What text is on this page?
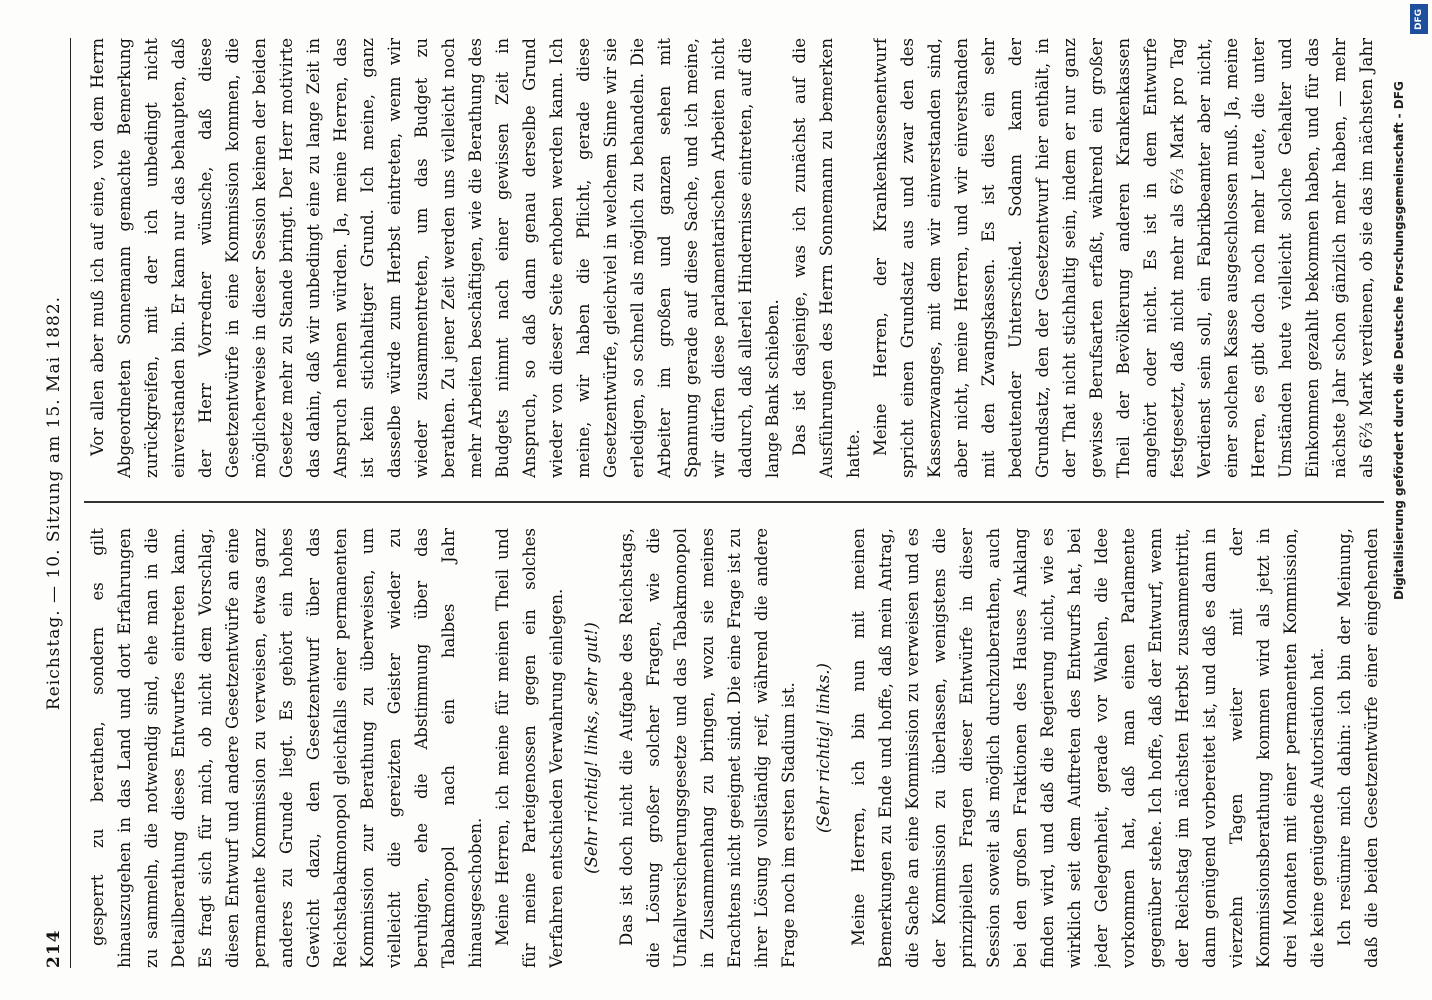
214
Reichstag. — 10. Sitzung am 15. Mai 1882.

gesperrt zu berathen, sondern es gilt hinauszugehen in das Land und dort Erfahrungen zu sammeln, die notwendig sind, ehe man in die Detailberathung dieses Entwurfes eintreten kann. Es fragt sich für mich, ob nicht dem Vorschlag, diesen Entwurf und andere Gesetzentwürfe an eine permanente Kommission zu verweisen, etwas ganz anderes zu Grunde liegt. Es gehört ein hohes Gewicht dazu, den Gesetzentwurf über das Reichstabakmonopol gleichfalls einer permanenten Kommission zur Berathung zu überweisen, um vielleicht die gereizten Geister wieder zu beruhigen, ehe die Abstimmung über das Tabakmonopol nach ein halbes Jahr hinausgeschoben. Meine Herren, ich meine für meinen Theil und für meine Parteigenossen gegen ein solches Verfahren entschieden Verwahrung einlegen. (Sehr richtig! links, sehr gut!) Das ist doch nicht die Aufgabe des Reichstags, die Lösung großer solcher Fragen, wie die Unfallversicherungsgesetze und das Tabakmonopol in Zusammenhang zu bringen, wozu sie meines Erachtens nicht geeignet sind. Die eine Frage ist zu ihrer Lösung vollständig reif, während die andere Frage noch im ersten Stadium ist. (Sehr richtig! links.) Meine Herren, ich bin nun mit meinen Bemerkungen zu Ende und hoffe, daß mein Antrag, die Sache an eine Kommission zu verweisen und es der Kommission zu überlassen, wenigstens die prinzipiellen Fragen dieser Entwürfe in dieser Session soweit als möglich durchzuberathen, auch bei den großen Fraktionen des Hauses Anklang finden wird, und daß die Regierung nicht, wie es wirklich seit dem Auftreten des Entwurfs hat, bei jeder Gelegenheit, gerade vor Wahlen, die Idee vorkommen hat, daß man einen Parlamente gegenüber stehe. Ich hoffe, daß der Entwurf, wenn der Reichstag im nächsten Herbst zusammentritt, dann genügend vorbereitet ist, und daß es dann in vierzehn Tagen weiter mit der Kommissionsberathung kommen wird als jetzt in drei Monaten mit einer permanenten Kommission, die keine genügende Autorisation hat. Ich resümire mich dahin: ich bin der Meinung, daß die beiden Gesetzentwürfe einer eingehenden

Vor allen aber muß ich auf eine, von dem Herrn Abgeordneten Sonnemann gemachte Bemerkung zurückgreifen, mit der ich unbedingt nicht einverstanden bin. Er kann nur das behaupten, daß der Herr Vorredner wünsche, daß diese Gesetzentwürfe in eine Kommission kommen, die möglicherweise in dieser Session keinen der beiden Gesetze mehr zu Stande bringt. Der Herr motivirte das dahin, daß wir unbedingt eine zu lange Zeit in Anspruch nehmen würden. Ja, meine Herren, das ist kein stichhaltiger Grund. Ich meine, ganz dasselbe würde zum Herbst eintreten, wenn wir wieder zusammentreten, um das Budget zu berathen. Zu jener Zeit werden uns vielleicht noch mehr Arbeiten beschäftigen, wie die Berathung des Budgets nimmt nach einer gewissen Zeit in Anspruch, so daß dann genau derselbe Grund wieder von dieser Seite erhoben werden kann. Ich meine, wir haben die Pflicht, gerade diese Gesetzentwürfe, gleichviel in welchem Sinne wir sie erledigen, so schnell als möglich zu behandeln. Die Arbeiter im großen und ganzen sehen mit Spannung gerade auf diese Sache, und ich meine, wir dürfen diese parlamentarischen Arbeiten nicht dadurch, daß allerlei Hindernisse eintreten, auf die lange Bank schieben. Das ist dasjenige, was ich zunächst auf die Ausführungen des Herrn Sonnemann zu bemerken hatte. Meine Herren, der Krankenkassenentwurf spricht einen Grundsatz aus und zwar den des Kassenzwanges, mit dem wir einverstanden sind, aber nicht, meine Herren, und wir einverstanden mit den Zwangskassen. Es ist dies ein sehr bedeutender Unterschied. Sodann kann der Grundsatz, den der Gesetzentwurf hier enthält, in der That nicht stichhaltig sein, indem er nur ganz gewisse Berufsarten erfaßt, während ein großer Theil der Bevölkerung anderen Krankenkassen angehört oder nicht. Es ist in dem Entwurfe festgesetzt, daß nicht mehr als 6⅔ Mark pro Tag Verdienst sein soll, ein Fabrikbeamter aber nicht, einer solchen Kasse ausgeschlossen muß. Ja, meine Herren, es gibt doch noch mehr Leute, die unter Umständen heute vielleicht solche Gehalter und Einkommen gezahlt bekommen haben, und für das nächste Jahr schon gänzlich mehr haben, — mehr als 6⅔ Mark verdienen, ob sie das im nächsten Jahr

Digitalisierung gefördert durch die Deutsche Forschungsgemeinschaft - DFG
DFG
